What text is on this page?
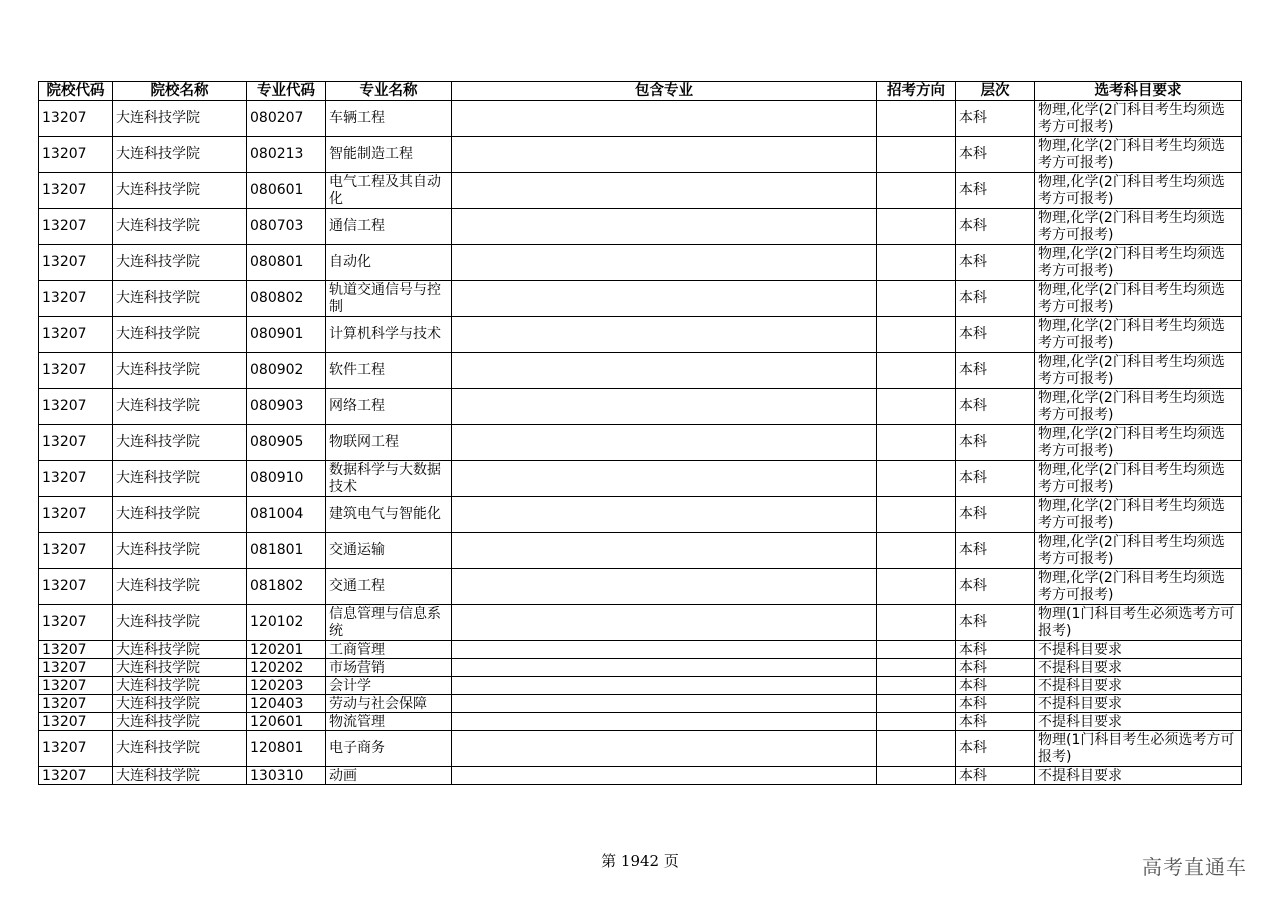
院校代码	院校名称	专业代码	专业名称	包含专业	招考方向	层次	选考科目要求
13207	大连科技学院	080207	车辆工程			本科	物理,化学(2门科目考生均须选考方可报考)
13207	大连科技学院	080213	智能制造工程			本科	物理,化学(2门科目考生均须选考方可报考)
13207	大连科技学院	080601	电气工程及其自动化			本科	物理,化学(2门科目考生均须选考方可报考)
13207	大连科技学院	080703	通信工程			本科	物理,化学(2门科目考生均须选考方可报考)
13207	大连科技学院	080801	自动化			本科	物理,化学(2门科目考生均须选考方可报考)
13207	大连科技学院	080802	轨道交通信号与控制			本科	物理,化学(2门科目考生均须选考方可报考)
13207	大连科技学院	080901	计算机科学与技术			本科	物理,化学(2门科目考生均须选考方可报考)
13207	大连科技学院	080902	软件工程			本科	物理,化学(2门科目考生均须选考方可报考)
13207	大连科技学院	080903	网络工程			本科	物理,化学(2门科目考生均须选考方可报考)
13207	大连科技学院	080905	物联网工程			本科	物理,化学(2门科目考生均须选考方可报考)
13207	大连科技学院	080910	数据科学与大数据技术			本科	物理,化学(2门科目考生均须选考方可报考)
13207	大连科技学院	081004	建筑电气与智能化			本科	物理,化学(2门科目考生均须选考方可报考)
13207	大连科技学院	081801	交通运输			本科	物理,化学(2门科目考生均须选考方可报考)
13207	大连科技学院	081802	交通工程			本科	物理,化学(2门科目考生均须选考方可报考)
13207	大连科技学院	120102	信息管理与信息系统			本科	物理(1门科目考生必须选考方可报考)
13207	大连科技学院	120201	工商管理			本科	不提科目要求
13207	大连科技学院	120202	市场营销			本科	不提科目要求
13207	大连科技学院	120203	会计学			本科	不提科目要求
13207	大连科技学院	120403	劳动与社会保障			本科	不提科目要求
13207	大连科技学院	120601	物流管理			本科	不提科目要求
13207	大连科技学院	120801	电子商务			本科	物理(1门科目考生必须选考方可报考)
13207	大连科技学院	130310	动画			本科	不提科目要求
第 1942 页	高考直通车
